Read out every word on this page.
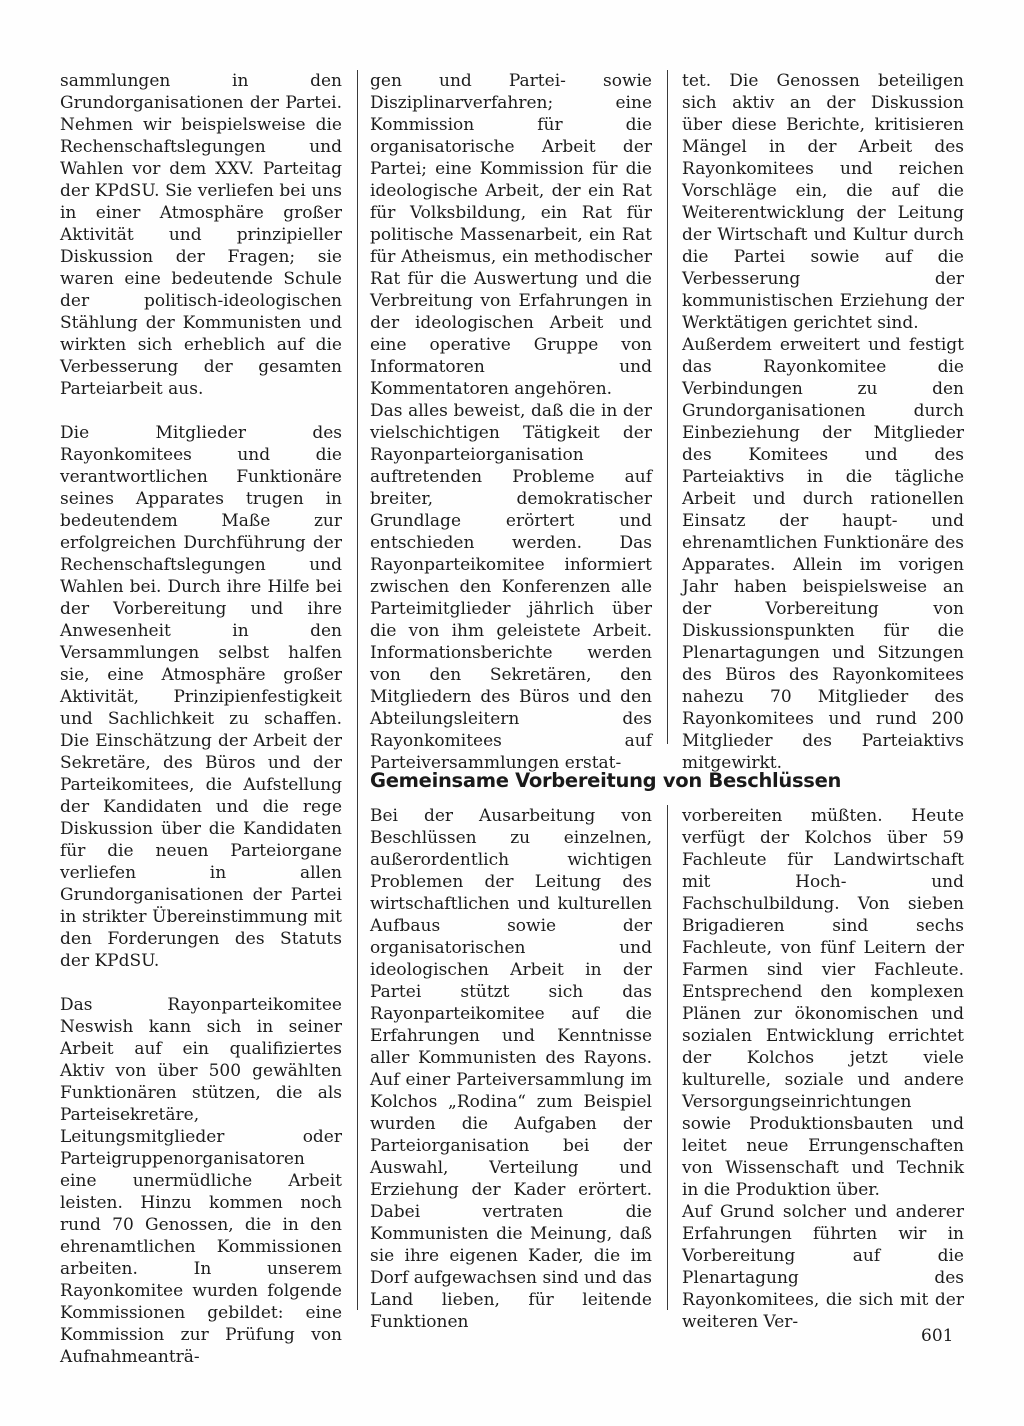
sammlungen in den Grundorganisationen der Partei. Nehmen wir beispielsweise die Rechenschaftslegungen und Wahlen vor dem XXV. Parteitag der KPdSU. Sie verliefen bei uns in einer Atmosphäre großer Aktivität und prinzipieller Diskussion der Fragen; sie waren eine bedeutende Schule der politisch-ideologischen Stählung der Kommunisten und wirkten sich erheblich auf die Verbesserung der gesamten Parteiarbeit aus.

Die Mitglieder des Rayonkomitees und die verantwortlichen Funktionäre seines Apparates trugen in bedeutendem Maße zur erfolgreichen Durchführung der Rechenschaftslegungen und Wahlen bei. Durch ihre Hilfe bei der Vorbereitung und ihre Anwesenheit in den Versammlungen selbst halfen sie, eine Atmosphäre großer Aktivität, Prinzipienfestigkeit und Sachlichkeit zu schaffen. Die Einschätzung der Arbeit der Sekretäre, des Büros und der Parteikomitees, die Aufstellung der Kandidaten und die rege Diskussion über die Kandidaten für die neuen Parteiorgane verliefen in allen Grundorganisationen der Partei in strikter Übereinstimmung mit den Forderungen des Statuts der KPdSU.

Das Rayonparteikomitee Neswish kann sich in seiner Arbeit auf ein qualifiziertes Aktiv von über 500 gewählten Funktionären stützen, die als Parteisekretäre, Leitungsmitglieder oder Parteigruppenorganisatoren eine unermüdliche Arbeit leisten. Hinzu kommen noch rund 70 Genossen, die in den ehrenamtlichen Kommissionen arbeiten. In unserem Rayonkomitee wurden folgende Kommissionen gebildet: eine Kommission zur Prüfung von Aufnahmeanträ-

gen und Partei- sowie Disziplinarverfahren; eine Kommission für die organisatorische Arbeit der Partei; eine Kommission für die ideologische Arbeit, der ein Rat für Volksbildung, ein Rat für politische Massenarbeit, ein Rat für Atheismus, ein methodischer Rat für die Auswertung und die Verbreitung von Erfahrungen in der ideologischen Arbeit und eine operative Gruppe von Informatoren und Kommentatoren angehören.

Das alles beweist, daß die in der vielschichtigen Tätigkeit der Rayonparteiorganisation auftretenden Probleme auf breiter, demokratischer Grundlage erörtert und entschieden werden. Das Rayonparteikomitee informiert zwischen den Konferenzen alle Parteimitglieder jährlich über die von ihm geleistete Arbeit. Informationsberichte werden von den Sekretären, den Mitgliedern des Büros und den Abteilungsleitern des Rayonkomitees auf Parteiversammlungen erstat-

tet. Die Genossen beteiligen sich aktiv an der Diskussion über diese Berichte, kritisieren Mängel in der Arbeit des Rayonkomitees und reichen Vorschläge ein, die auf die Weiterentwicklung der Leitung der Wirtschaft und Kultur durch die Partei sowie auf die Verbesserung der kommunistischen Erziehung der Werktätigen gerichtet sind.

Außerdem erweitert und festigt das Rayonkomitee die Verbindungen zu den Grundorganisationen durch Einbeziehung der Mitglieder des Komitees und des Parteiaktivs in die tägliche Arbeit und durch rationellen Einsatz der haupt- und ehrenamtlichen Funktionäre des Apparates. Allein im vorigen Jahr haben beispielsweise an der Vorbereitung von Diskussionspunkten für die Plenartagungen und Sitzungen des Büros des Rayonkomitees nahezu 70 Mitglieder des Rayonkomitees und rund 200 Mitglieder des Parteiaktivs mitgewirkt.

Gemeinsame Vorbereitung von Beschlüssen

Bei der Ausarbeitung von Beschlüssen zu einzelnen, außerordentlich wichtigen Problemen der Leitung des wirtschaftlichen und kulturellen Aufbaus sowie der organisatorischen und ideologischen Arbeit in der Partei stützt sich das Rayonparteikomitee auf die Erfahrungen und Kenntnisse aller Kommunisten des Rayons. Auf einer Parteiversammlung im Kolchos „Rodina“ zum Beispiel wurden die Aufgaben der Parteiorganisation bei der Auswahl, Verteilung und Erziehung der Kader erörtert. Dabei vertraten die Kommunisten die Meinung, daß sie ihre eigenen Kader, die im Dorf aufgewachsen sind und das Land lieben, für leitende Funktionen

vorbereiten müßten. Heute verfügt der Kolchos über 59 Fachleute für Landwirtschaft mit Hoch- und Fachschulbildung. Von sieben Brigadieren sind sechs Fachleute, von fünf Leitern der Farmen sind vier Fachleute. Entsprechend den komplexen Plänen zur ökonomischen und sozialen Entwicklung errichtet der Kolchos jetzt viele kulturelle, soziale und andere Versorgungseinrichtungen sowie Produktionsbauten und leitet neue Errungenschaften von Wissenschaft und Technik in die Produktion über.

Auf Grund solcher und anderer Erfahrungen führten wir in Vorbereitung auf die Plenartagung des Rayonkomitees, die sich mit der weiteren Ver-

601
